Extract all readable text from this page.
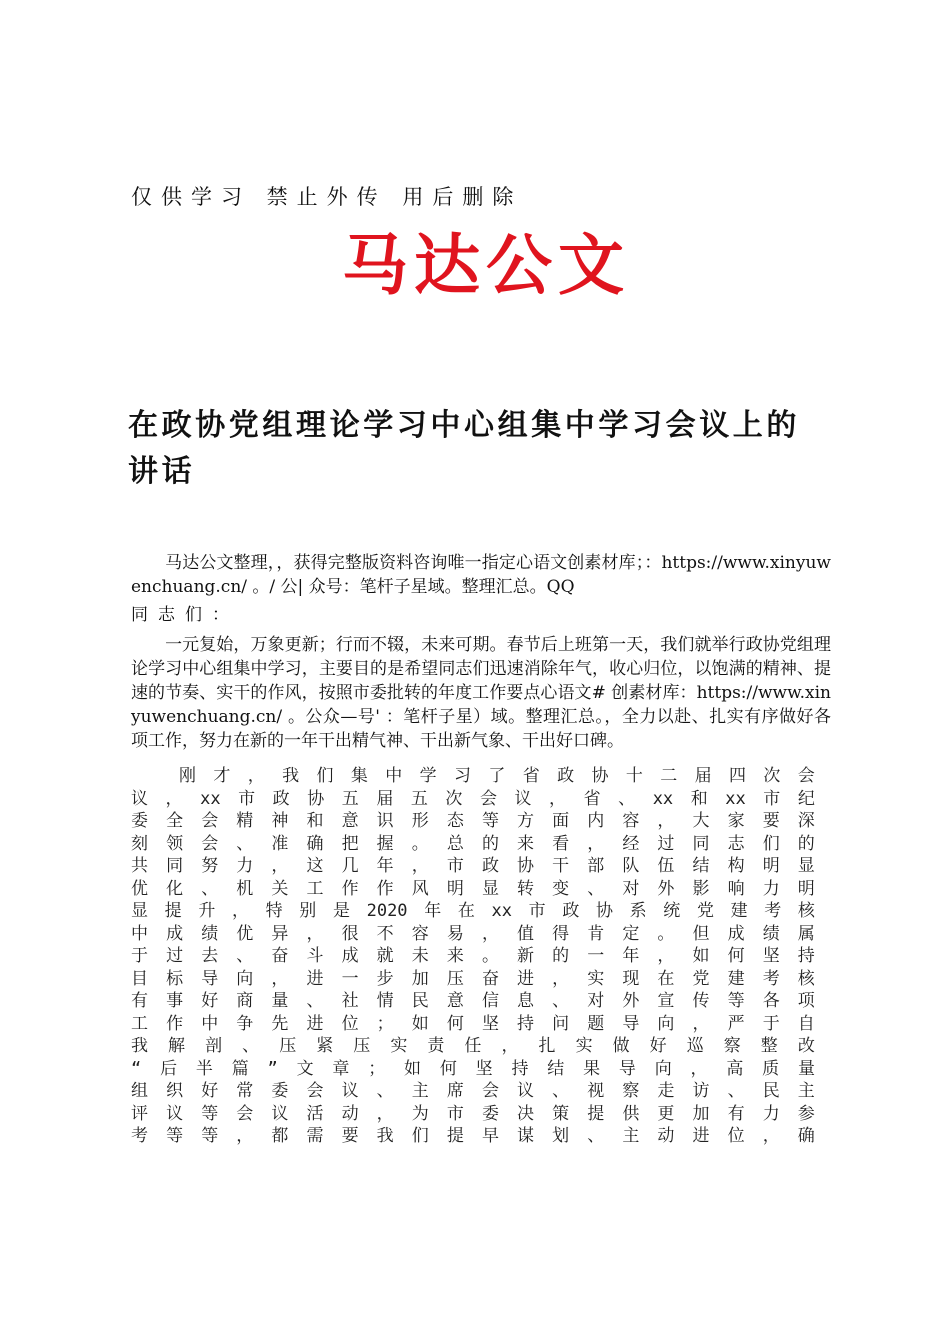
仅供学习 禁止外传 用后删除
马达公文
在政协党组理论学习中心组集中学习会议上的讲话
马达公文整理，，获得完整版资料咨询唯一指定心语文创素材库；：https://www.xinyuwenchuang.cn/ 。/ 公| 众号：笔杆子星域。整理汇总。QQ
同志们：
一元复始，万象更新；行而不辍，未来可期。春节后上班第一天，我们就举行政协党组理论学习中心组集中学习，主要目的是希望同志们迅速消除年气，收心归位，以饱满的精神、提速的节奏、实干的作风，按照市委批转的年度工作要点心语文# 创素材库：https://www.xinyuwenchuang.cn/ 。公众—号' ：笔杆子星）域。整理汇总。，全力以赴、扎实有序做好各项工作，努力在新的一年干出精气神、干出新气象、干出好口碑。
刚 才 ， 我 们 集 中 学 习 了 省 政 协 十 二 届 四 次 会
议 ， xx 市 政 协 五 届 五 次 会 议 ， 省 、 xx 和 xx 市 纪
委 全 会 精 神 和 意 识 形 态 等 方 面 内 容 ， 大 家 要 深
刻 领 会 、 准 确 把 握 。 总 的 来 看 ， 经 过 同 志 们 的
共 同 努 力 ， 这 几 年 ， 市 政 协 干 部 队 伍 结 构 明 显
优 化 、 机 关 工 作 作 风 明 显 转 变 、 对 外 影 响 力 明
显 提 升 ， 特 别 是 2020 年 在 xx 市 政 协 系 统 党 建 考 核
中 成 绩 优 异 ， 很 不 容 易 ， 值 得 肯 定 。 但 成 绩 属
于 过 去 、 奋 斗 成 就 未 来 。 新 的 一 年 ， 如 何 坚 持
目 标 导 向 ， 进 一 步 加 压 奋 进 ， 实 现 在 党 建 考 核
有 事 好 商 量 、 社 情 民 意 信 息 、 对 外 宣 传 等 各 项
工 作 中 争 先 进 位 ； 如 何 坚 持 问 题 导 向 ， 严 于 自
我 解 剖 、 压 紧 压 实 责 任 ， 扎 实 做 好 巡 察 整 改
“ 后 半 篇 ” 文 章 ； 如 何 坚 持 结 果 导 向 ， 高 质 量
组 织 好 常 委 会 议 、 主 席 会 议 、 视 察 走 访 、 民 主
评 议 等 会 议 活 动 ， 为 市 委 决 策 提 供 更 加 有 力 参
考 等 等 ， 都 需 要 我 们 提 早 谋 划 、 主 动 进 位 ， 确
